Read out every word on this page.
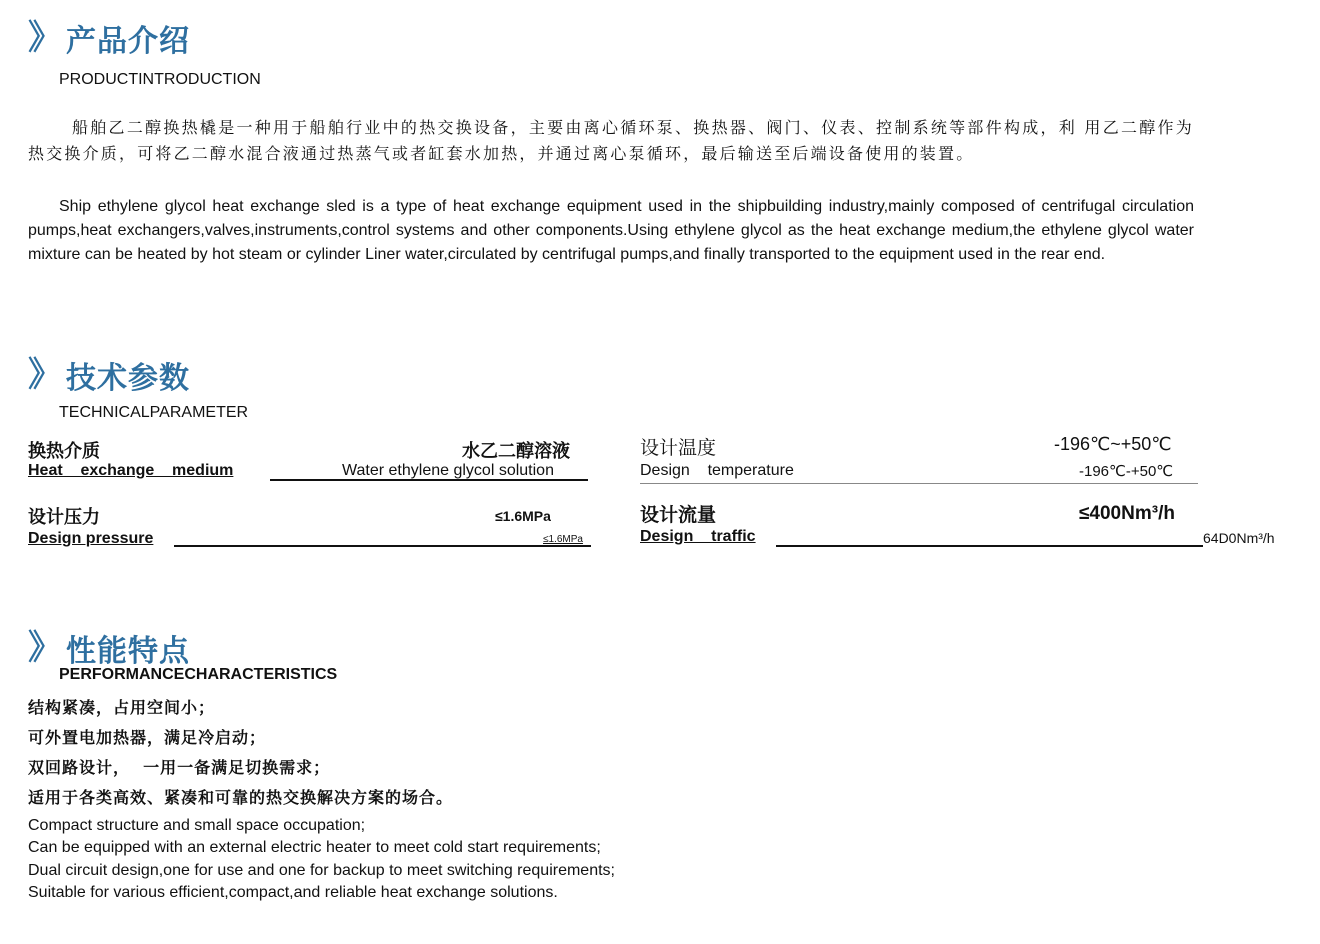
》 产品介绍
PRODUCTINTRODUCTION
船舶乙二醇换热橇是一种用于船舶行业中的热交换设备，主要由离心循环泵、换热器、阀门、仪表、控制系统等部件构成，利 用乙二醇作为热交换介质，可将乙二醇水混合液通过热蒸气或者缸套水加热，并通过离心泵循环，最后输送至后端设备使用的装置。
Ship ethylene glycol heat exchange sled is a type of heat exchange equipment used in the shipbuilding industry,mainly composed of centrifugal circulation pumps,heat exchangers,valves,instruments,control systems and other components.Using ethylene glycol as the heat exchange medium,the ethylene glycol water mixture can be heated by hot steam or cylinder Liner water,circulated by centrifugal pumps,and finally transported to the equipment used in the rear end.
》 技术参数
TECHNICALPARAMETER
换热介质	水乙二醇溶液
Heat    exchange    medium	Water ethylene glycol solution
设计温度	-196℃~+50℃
Design    temperature	-196℃-+50℃
设计压力	≤1.6MPa
Design pressure	≤1.6MPa
设计流量	≤400Nm³/h
Design    traffic	64D0Nm³/h
》 性能特点
PERFORMANCECHARACTERISTICS
结构紧凑，占用空间小；
可外置电加热器，满足冷启动；
双回路设计，  一用一备满足切换需求；
适用于各类高效、紧凑和可靠的热交换解决方案的场合。
Compact structure and small space occupation;
Can be equipped with an external electric heater to meet cold start requirements;
Dual circuit design,one for use and one for backup to meet switching requirements;
Suitable for various efficient,compact,and reliable heat exchange solutions.
